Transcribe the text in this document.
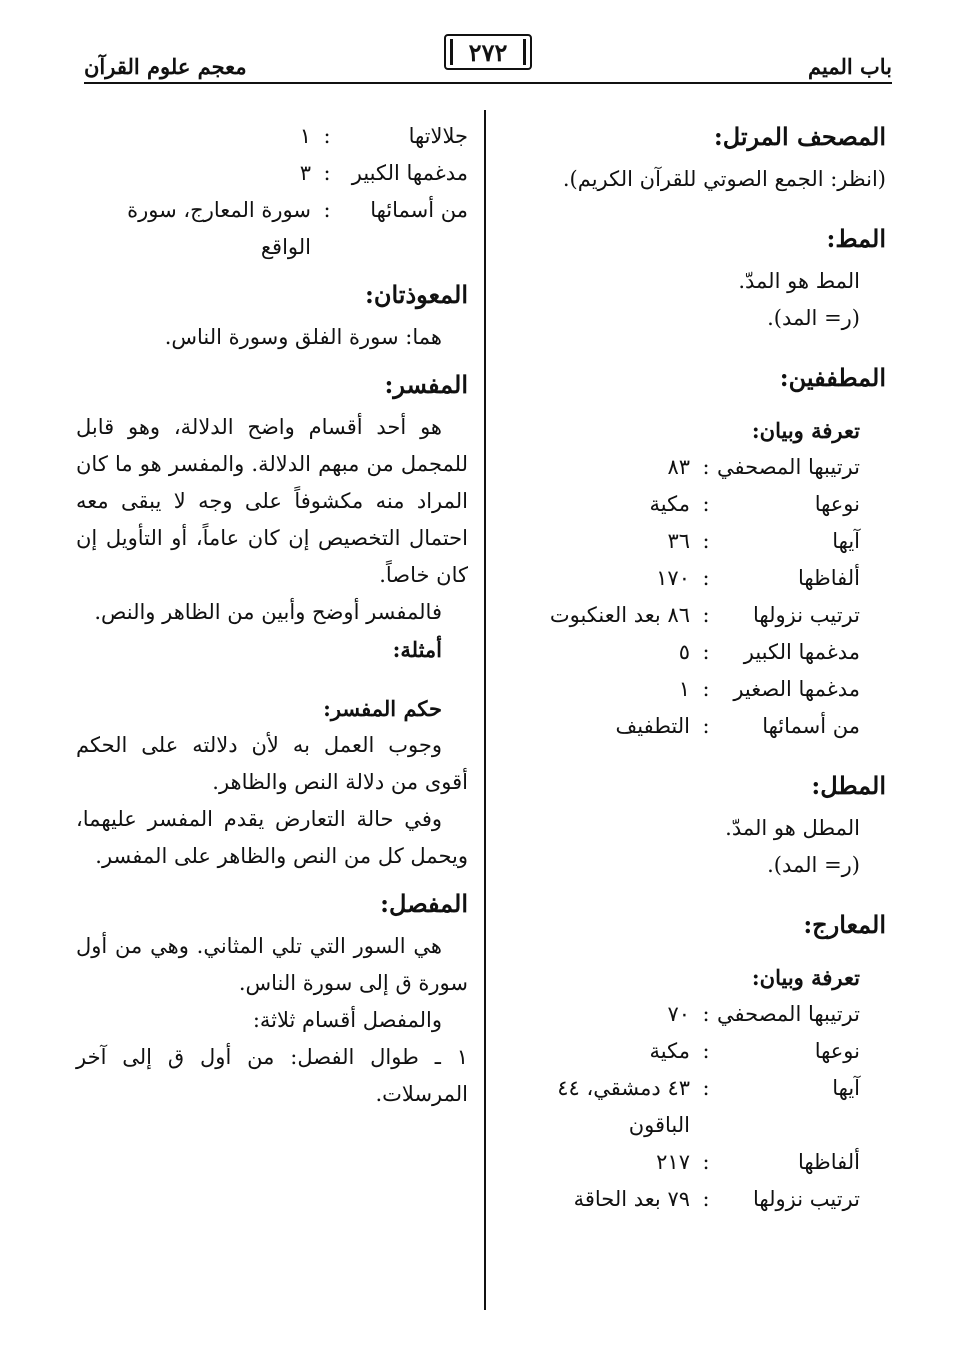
باب الميم
٢٧٢
معجم علوم القرآن

المصحف المرتل:

(انظر: الجمع الصوتي للقرآن الكريم).

المط:

المط هو المدّ.

(ر= المد).

المطففين:

تعرفة وبيان:

ترتيبها المصحفي
:
٨٣
نوعها
:
مكية
آيها
:
٣٦
ألفاظها
:
١٧٠
ترتيب نزولها
:
٨٦ بعد العنكبوت
مدغمها الكبير
:
٥
مدغمها الصغير
:
١
من أسمائها
:
التطفيف

المطل:

المطل هو المدّ.

(ر= المد).

المعارج:

تعرفة وبيان:

ترتيبها المصحفي
:
٧٠
نوعها
:
مكية
آيها
:
٤٣ دمشقي، ٤٤ الباقون
ألفاظها
:
٢١٧
ترتيب نزولها
:
٧٩ بعد الحاقة
جلالاتها
:
١
مدغمها الكبير
:
٣
من أسمائها
:
سورة المعارج، سورة الواقع

المعوذتان:

هما: سورة الفلق وسورة الناس.

المفسر:

هو أحد أقسام واضح الدلالة، وهو قابل للمجمل من مبهم الدلالة. والمفسر هو ما كان المراد منه مكشوفاً على وجه لا يبقى معه احتمال التخصيص إن كان عاماً، أو التأويل إن كان خاصاً.

فالمفسر أوضح وأبين من الظاهر والنص.

أمثلة:

حكم المفسر:

وجوب العمل به لأن دلالته على الحكم أقوى من دلالة النص والظاهر.

وفي حالة التعارض يقدم المفسر عليهما، ويحمل كل من النص والظاهر على المفسر.

المفصل:

هي السور التي تلي المثاني. وهي من أول سورة ق إلى سورة الناس.

والمفصل أقسام ثلاثة:

١ ـ طوال الفصل: من أول ق إلى آخر المرسلات.
